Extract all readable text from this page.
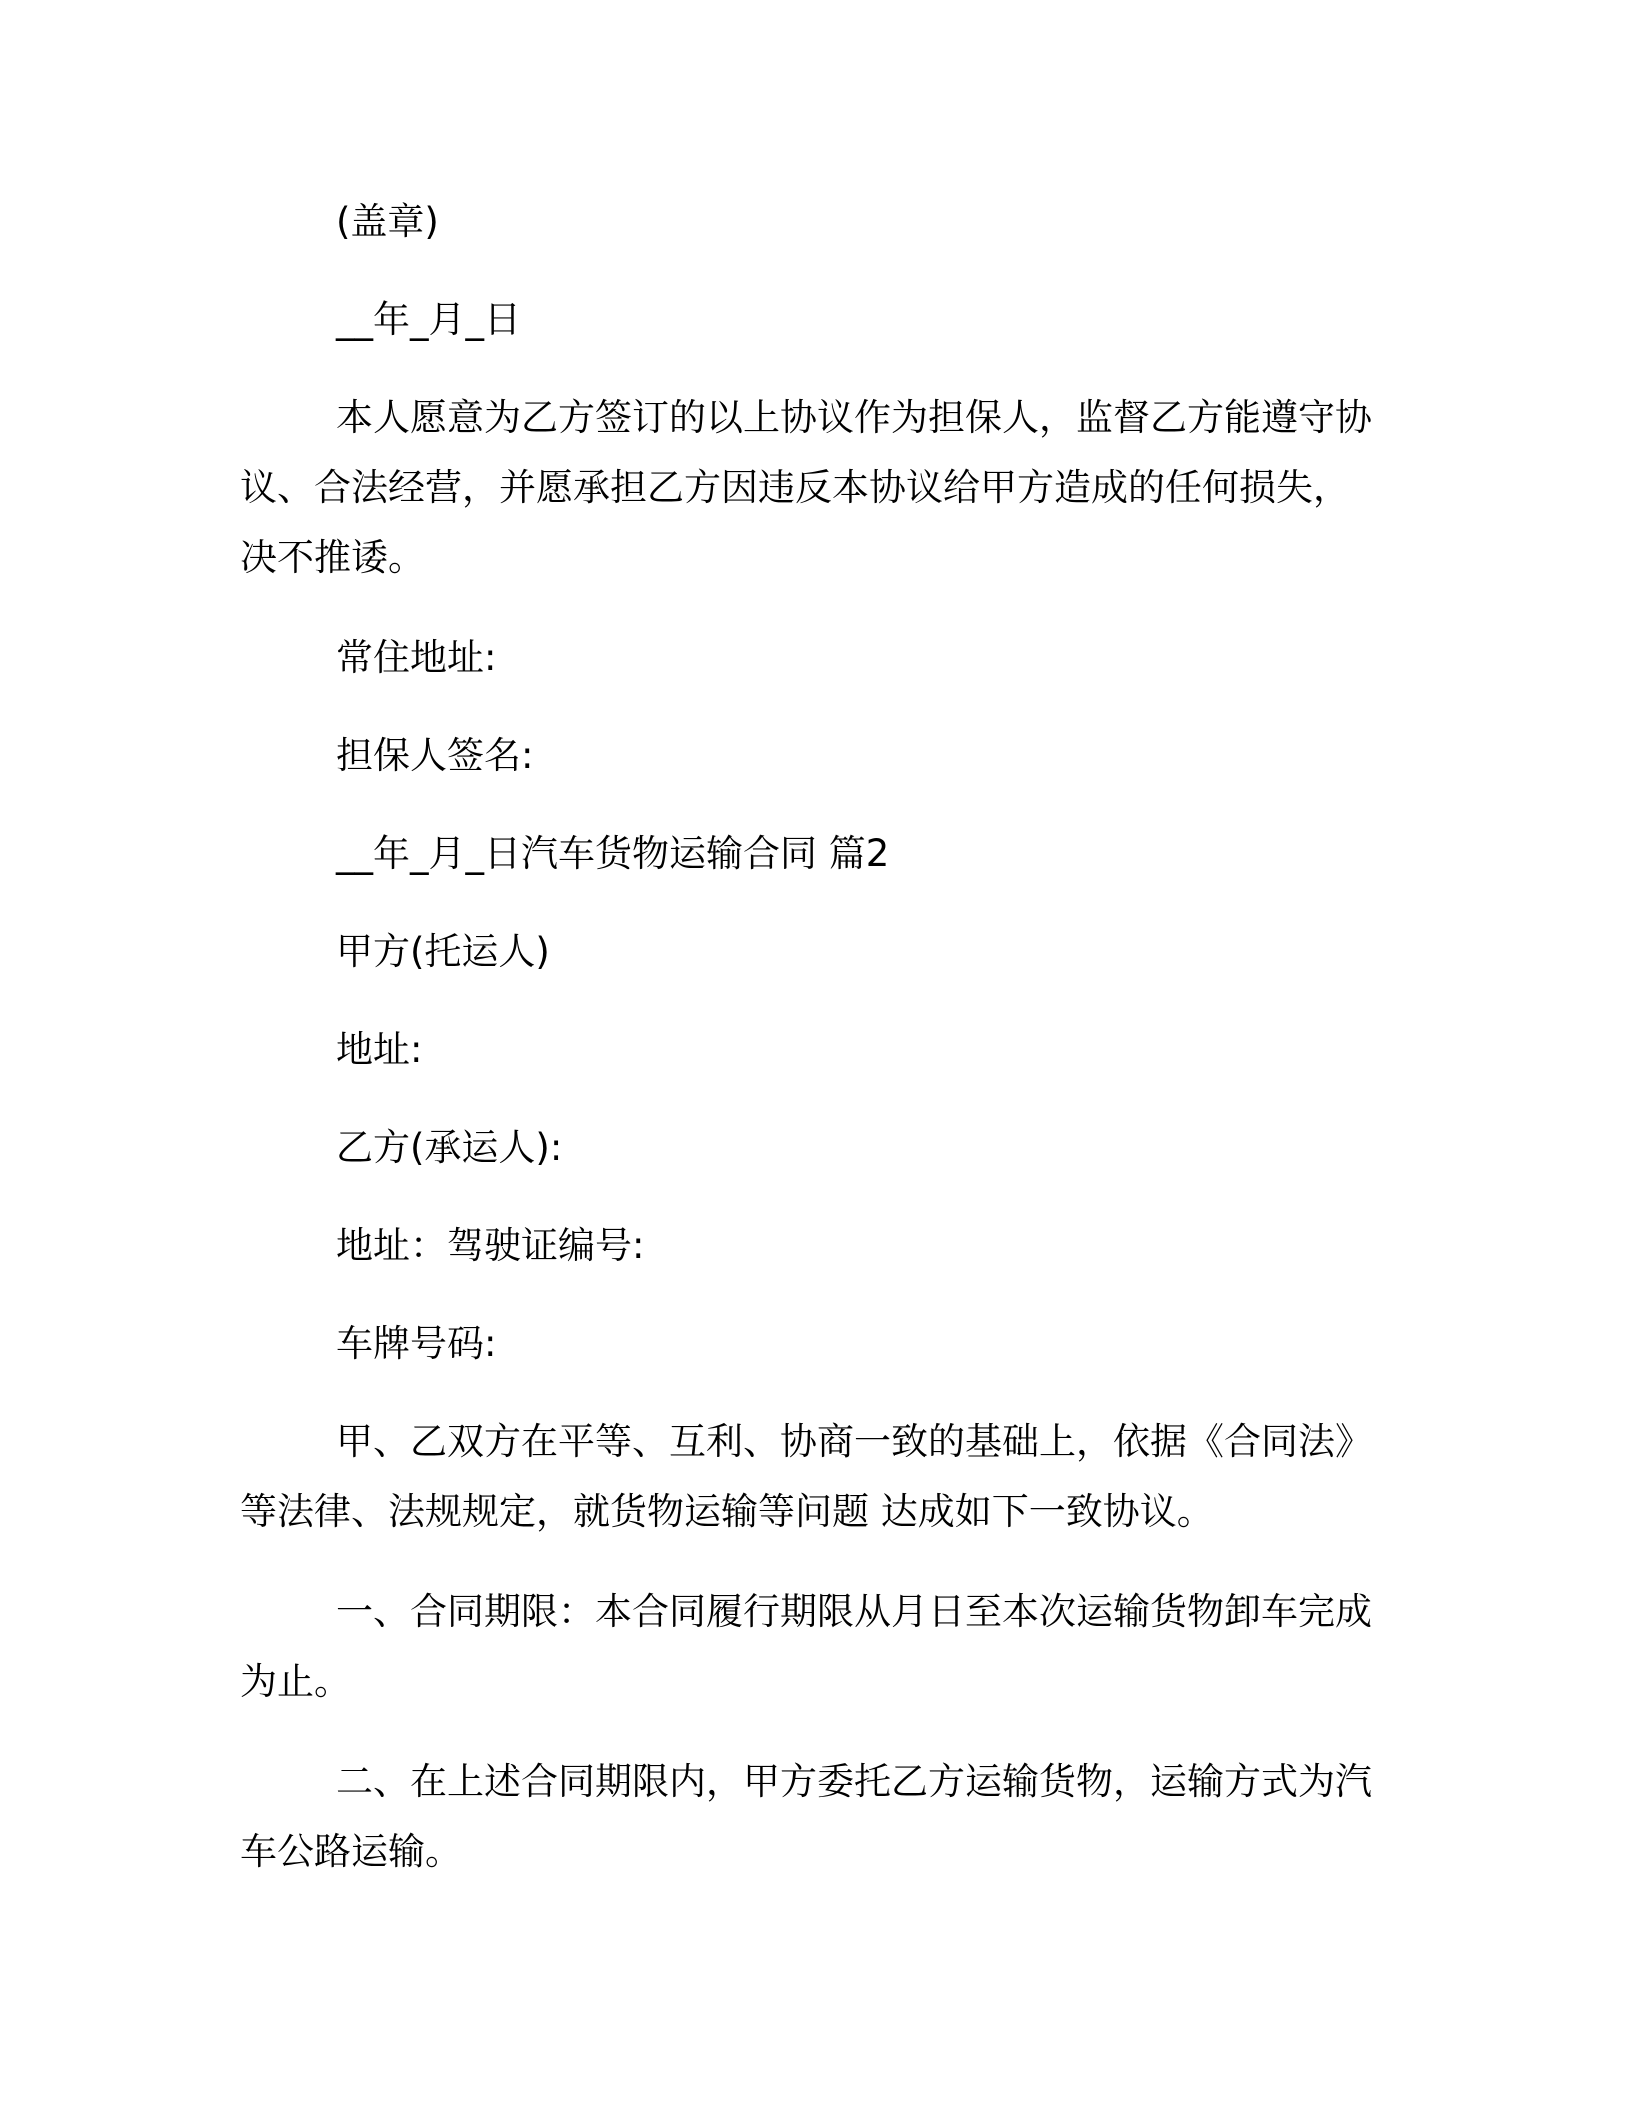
(盖章)
__年_月_日
本人愿意为乙方签订的以上协议作为担保人，监督乙方能遵守协
议、合法经营，并愿承担乙方因违反本协议给甲方造成的任何损失，
决不推诿。
常住地址:
担保人签名:
__年_月_日汽车货物运输合同 篇2
甲方(托运人)
地址:
乙方(承运人):
地址：驾驶证编号:
车牌号码:
甲、乙双方在平等、互利、协商一致的基础上，依据《合同法》
等法律、法规规定，就货物运输等问题 达成如下一致协议。
一、合同期限：本合同履行期限从月日至本次运输货物卸车完成
为止。
二、在上述合同期限内，甲方委托乙方运输货物，运输方式为汽
车公路运输。
